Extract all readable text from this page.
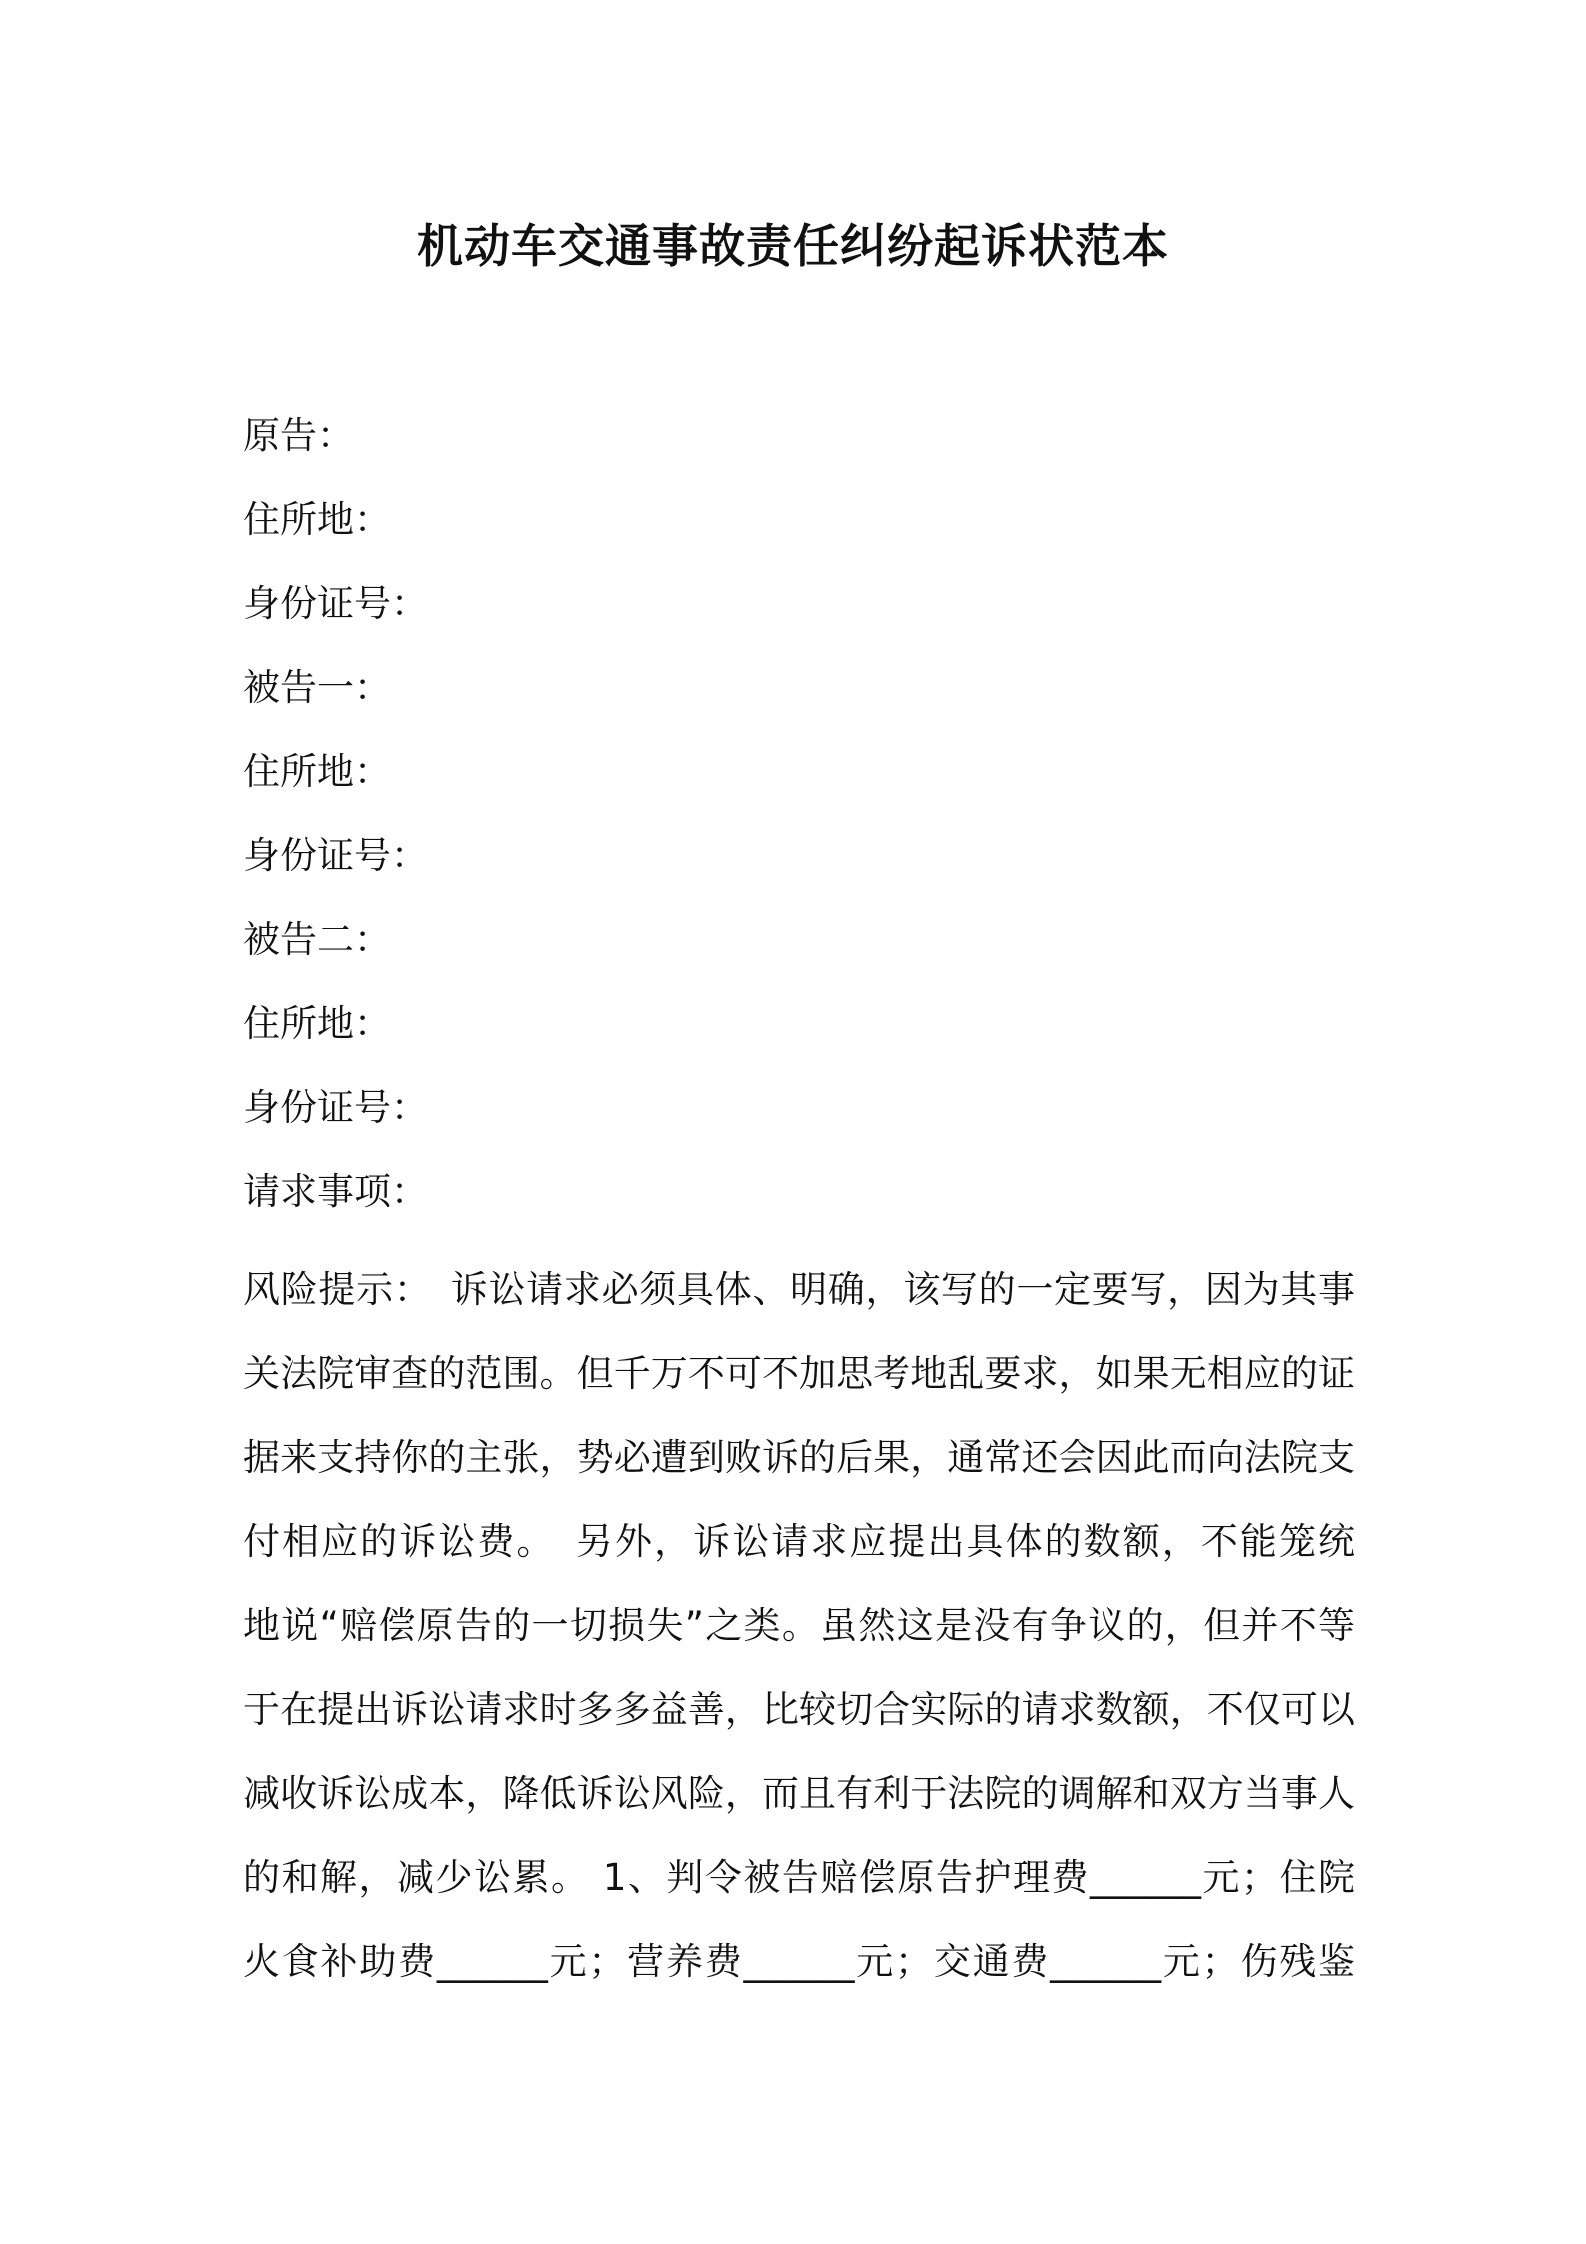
机动车交通事故责任纠纷起诉状范本

原告：

住所地：

身份证号：

被告一：

住所地：

身份证号：

被告二：

住所地：

身份证号：

请求事项：

风险提示：　诉讼请求必须具体、明确，该写的一定要写，因为其事
关法院审查的范围。但千万不可不加思考地乱要求，如果无相应的证
据来支持你的主张，势必遭到败诉的后果，通常还会因此而向法院支
付相应的诉讼费。　另外，诉讼请求应提出具体的数额，不能笼统
地说“赔偿原告的一切损失”之类。虽然这是没有争议的，但并不等
于在提出诉讼请求时多多益善，比较切合实际的请求数额，不仅可以
减收诉讼成本，降低诉讼风险，而且有利于法院的调解和双方当事人
的和解，减少讼累。 1、判令被告赔偿原告护理费______元；住院
火食补助费______元；营养费______元；交通费______元；伤残鉴
